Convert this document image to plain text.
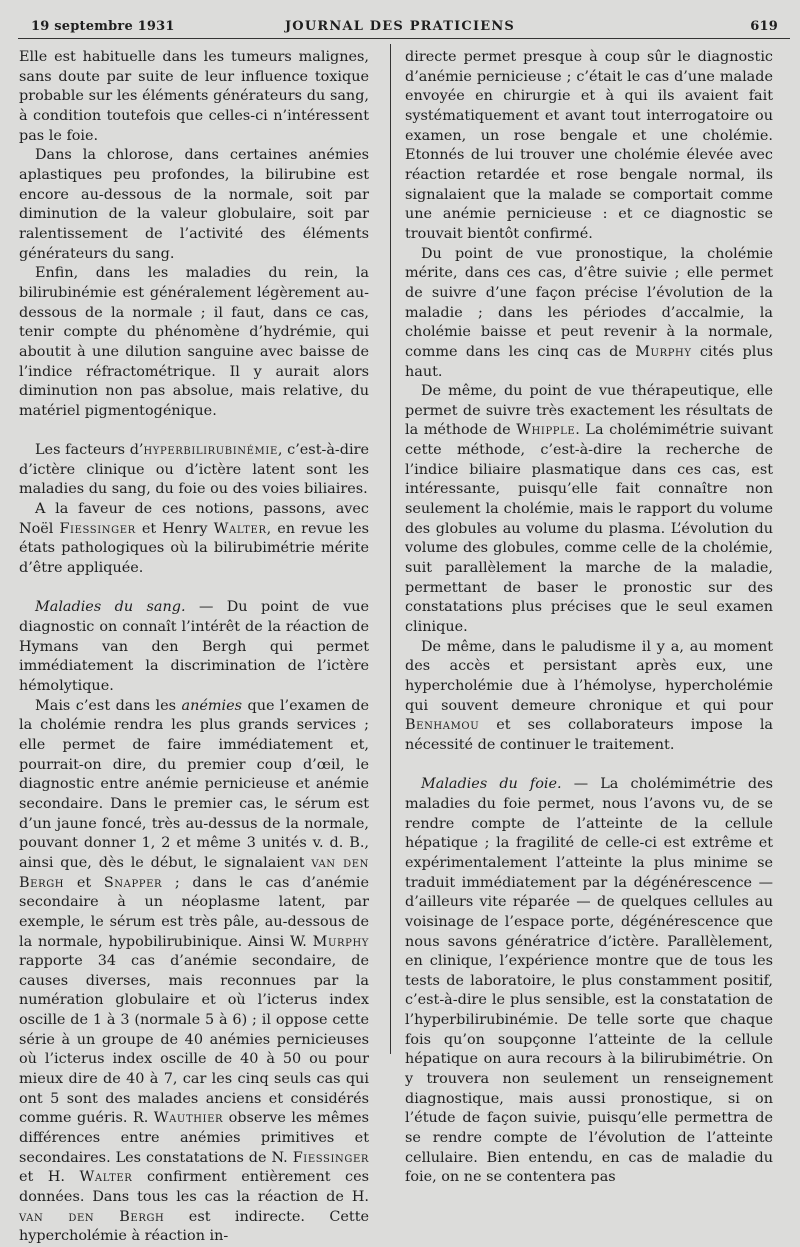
19 septembre 1931	JOURNAL DES PRATICIENS	619

Elle est habituelle dans les tumeurs malignes, sans doute par suite de leur influence toxique probable sur les éléments générateurs du sang, à condition toutefois que celles-ci n’intéressent pas le foie.

Dans la chlorose, dans certaines anémies aplastiques peu profondes, la bilirubine est encore au-dessous de la normale, soit par diminution de la valeur globulaire, soit par ralentissement de l’activité des éléments générateurs du sang.

Enfin, dans les maladies du rein, la bilirubinémie est généralement légèrement au-dessous de la normale ; il faut, dans ce cas, tenir compte du phénomène d’hydrémie, qui aboutit à une dilution sanguine avec baisse de l’indice réfractométrique. Il y aurait alors diminution non pas absolue, mais relative, du matériel pigmentogénique.

Les facteurs d’hyperbilirubinémie, c’est-à-dire d’ictère clinique ou d’ictère latent sont les maladies du sang, du foie ou des voies biliaires.

A la faveur de ces notions, passons, avec Noël Fiessinger et Henry Walter, en revue les états pathologiques où la bilirubimétrie mérite d’être appliquée.

Maladies du sang. — Du point de vue diagnostic on connaît l’intérêt de la réaction de Hymans van den Bergh qui permet immédiatement la discrimination de l’ictère hémolytique.

Mais c’est dans les anémies que l’examen de la cholémie rendra les plus grands services ; elle permet de faire immédiatement et, pourrait-on dire, du premier coup d’œil, le diagnostic entre anémie pernicieuse et anémie secondaire. Dans le premier cas, le sérum est d’un jaune foncé, très au-dessus de la normale, pouvant donner 1, 2 et même 3 unités v. d. B., ainsi que, dès le début, le signalaient van den Bergh et Snapper ; dans le cas d’anémie secondaire à un néoplasme latent, par exemple, le sérum est très pâle, au-dessous de la normale, hypobilirubinique. Ainsi W. Murphy rapporte 34 cas d’anémie secondaire, de causes diverses, mais reconnues par la numération globulaire et où l’icterus index oscille de 1 à 3 (normale 5 à 6) ; il oppose cette série à un groupe de 40 anémies pernicieuses où l’icterus index oscille de 40 à 50 ou pour mieux dire de 40 à 7, car les cinq seuls cas qui ont 5 sont des malades anciens et considérés comme guéris. R. Wauthier observe les mêmes différences entre anémies primitives et secondaires. Les constatations de N. Fiessinger et H. Walter confirment entièrement ces données. Dans tous les cas la réaction de H. van den Bergh est indirecte. Cette hypercholémie à réaction in-

directe permet presque à coup sûr le diagnostic d’anémie pernicieuse ; c’était le cas d’une malade envoyée en chirurgie et à qui ils avaient fait systématiquement et avant tout interrogatoire ou examen, un rose bengale et une cholémie. Etonnés de lui trouver une cholémie élevée avec réaction retardée et rose bengale normal, ils signalaient que la malade se comportait comme une anémie pernicieuse : et ce diagnostic se trouvait bientôt confirmé.

Du point de vue pronostique, la cholémie mérite, dans ces cas, d’être suivie ; elle permet de suivre d’une façon précise l’évolution de la maladie ; dans les périodes d’accalmie, la cholémie baisse et peut revenir à la normale, comme dans les cinq cas de Murphy cités plus haut.

De même, du point de vue thérapeutique, elle permet de suivre très exactement les résultats de la méthode de Whipple. La cholémimétrie suivant cette méthode, c’est-à-dire la recherche de l’indice biliaire plasmatique dans ces cas, est intéressante, puisqu’elle fait connaître non seulement la cholémie, mais le rapport du volume des globules au volume du plasma. L’évolution du volume des globules, comme celle de la cholémie, suit parallèlement la marche de la maladie, permettant de baser le pronostic sur des constatations plus précises que le seul examen clinique.

De même, dans le paludisme il y a, au moment des accès et persistant après eux, une hypercholémie due à l’hémolyse, hypercholémie qui souvent demeure chronique et qui pour Benhamou et ses collaborateurs impose la nécessité de continuer le traitement.

Maladies du foie. — La cholémimétrie des maladies du foie permet, nous l’avons vu, de se rendre compte de l’atteinte de la cellule hépatique ; la fragilité de celle-ci est extrême et expérimentalement l’atteinte la plus minime se traduit immédiatement par la dégénérescence — d’ailleurs vite réparée — de quelques cellules au voisinage de l’espace porte, dégénérescence que nous savons génératrice d’ictère. Parallèlement, en clinique, l’expérience montre que de tous les tests de laboratoire, le plus constamment positif, c’est-à-dire le plus sensible, est la constatation de l’hyperbilirubinémie. De telle sorte que chaque fois qu’on soupçonne l’atteinte de la cellule hépatique on aura recours à la bilirubimétrie. On y trouvera non seulement un renseignement diagnostique, mais aussi pronostique, si on l’étude de façon suivie, puisqu’elle permettra de se rendre compte de l’évolution de l’atteinte cellulaire. Bien entendu, en cas de maladie du foie, on ne se contentera pas
